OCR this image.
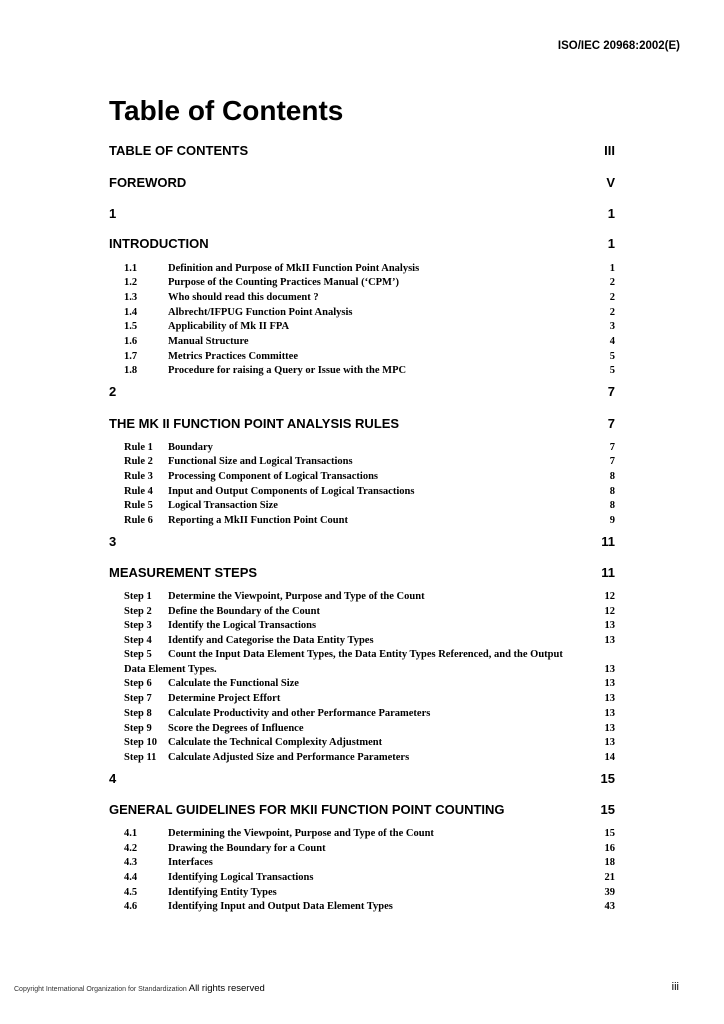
ISO/IEC 20968:2002(E)
Table of Contents
TABLE OF CONTENTS	III
FOREWORD	V
1	1
INTRODUCTION	1
1.1	Definition and Purpose of MkII Function Point Analysis	1
1.2	Purpose of the Counting Practices Manual (‘CPM’)	2
1.3	Who should read this document ?	2
1.4	Albrecht/IFPUG Function Point Analysis	2
1.5	Applicability of Mk II FPA	3
1.6	Manual Structure	4
1.7	Metrics Practices Committee	5
1.8	Procedure for raising a Query or Issue with the MPC	5
2	7
THE MK II FUNCTION POINT ANALYSIS RULES	7
Rule 1	Boundary	7
Rule 2	Functional Size and Logical Transactions	7
Rule 3	Processing Component of Logical Transactions	8
Rule 4	Input and Output Components of Logical Transactions	8
Rule 5	Logical Transaction Size	8
Rule 6	Reporting a MkII Function Point Count	9
3	11
MEASUREMENT STEPS	11
Step 1	Determine the Viewpoint, Purpose and Type of the Count	12
Step 2	Define the Boundary of the Count	12
Step 3	Identify the Logical Transactions	13
Step 4	Identify and Categorise the Data Entity Types	13
Step 5	Count the Input Data Element Types, the Data Entity Types Referenced, and the Output
Data Element Types.	13
Step 6	Calculate the Functional Size	13
Step 7	Determine Project Effort	13
Step 8	Calculate Productivity and other Performance Parameters	13
Step 9	Score the Degrees of Influence	13
Step 10	Calculate the Technical Complexity Adjustment	13
Step 11	Calculate Adjusted Size and Performance Parameters	14
4	15
GENERAL GUIDELINES FOR MKII FUNCTION POINT COUNTING	15
4.1	Determining the Viewpoint, Purpose and Type of the Count	15
4.2	Drawing the Boundary for a Count	16
4.3	Interfaces	18
4.4	Identifying Logical Transactions	21
4.5	Identifying Entity Types	39
4.6	Identifying Input and Output Data Element Types	43
Copyright International Organization for Standardization All rights reserved	iii
